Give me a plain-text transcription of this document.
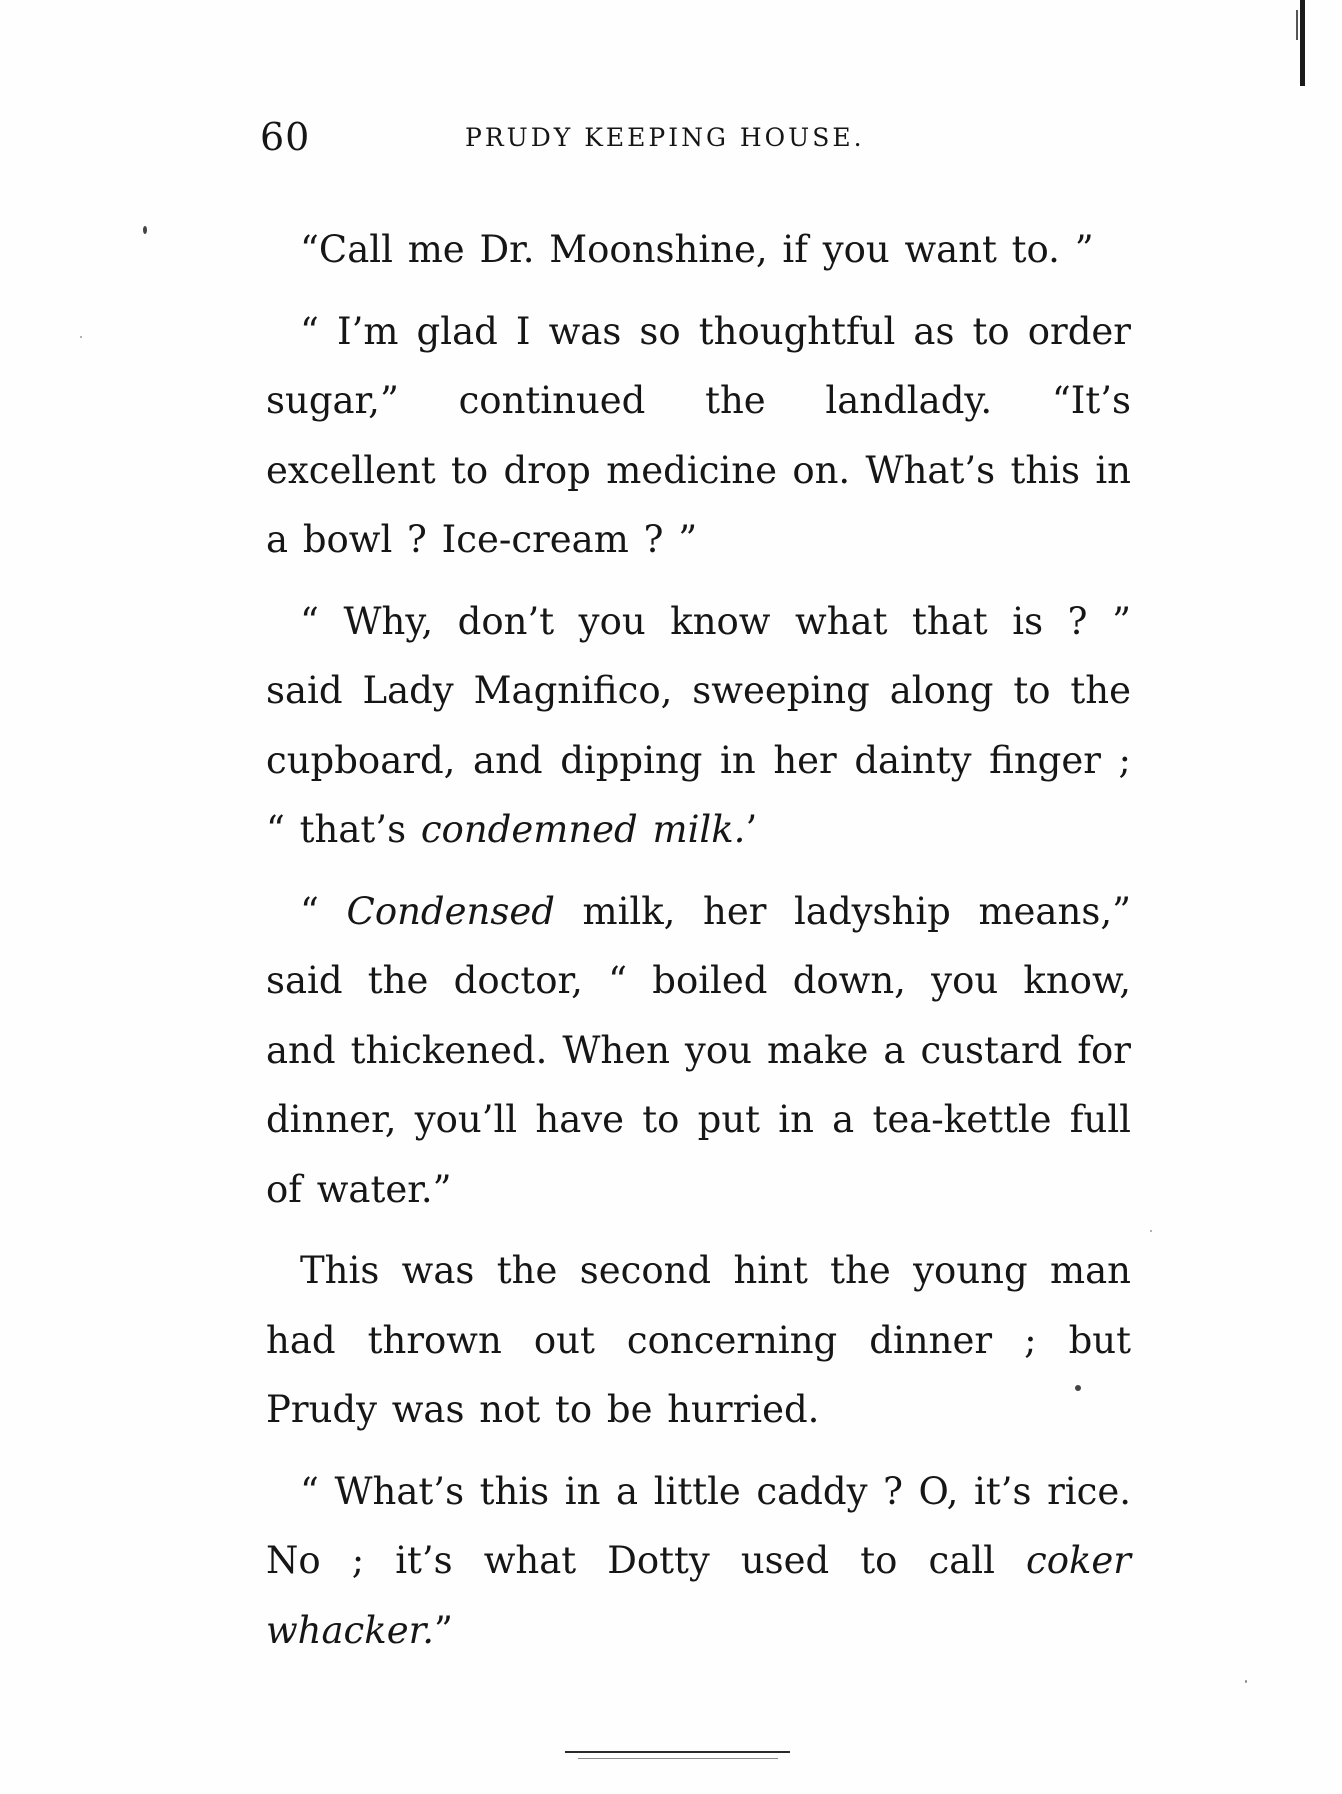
60	PRUDY KEEPING HOUSE.

“Call me Dr. Moonshine, if you want to. ”

“ I’m glad I was so thoughtful as to order sugar,” continued the landlady. “It’s excellent to drop medicine on. What’s this in a bowl ? Ice-cream ? ”

“ Why, don’t you know what that is ? ” said Lady Magnifico, sweeping along to the cupboard, and dipping in her dainty finger ; “ that’s condemned milk.’

“ Condensed milk, her ladyship means,” said the doctor, “ boiled down, you know, and thickened. When you make a custard for dinner, you’ll have to put in a tea-kettle full of water.”

This was the second hint the young man had thrown out concerning dinner ; but Prudy was not to be hurried.

“ What’s this in a little caddy ? O, it’s rice. No ; it’s what Dotty used to call coker whacker.”
